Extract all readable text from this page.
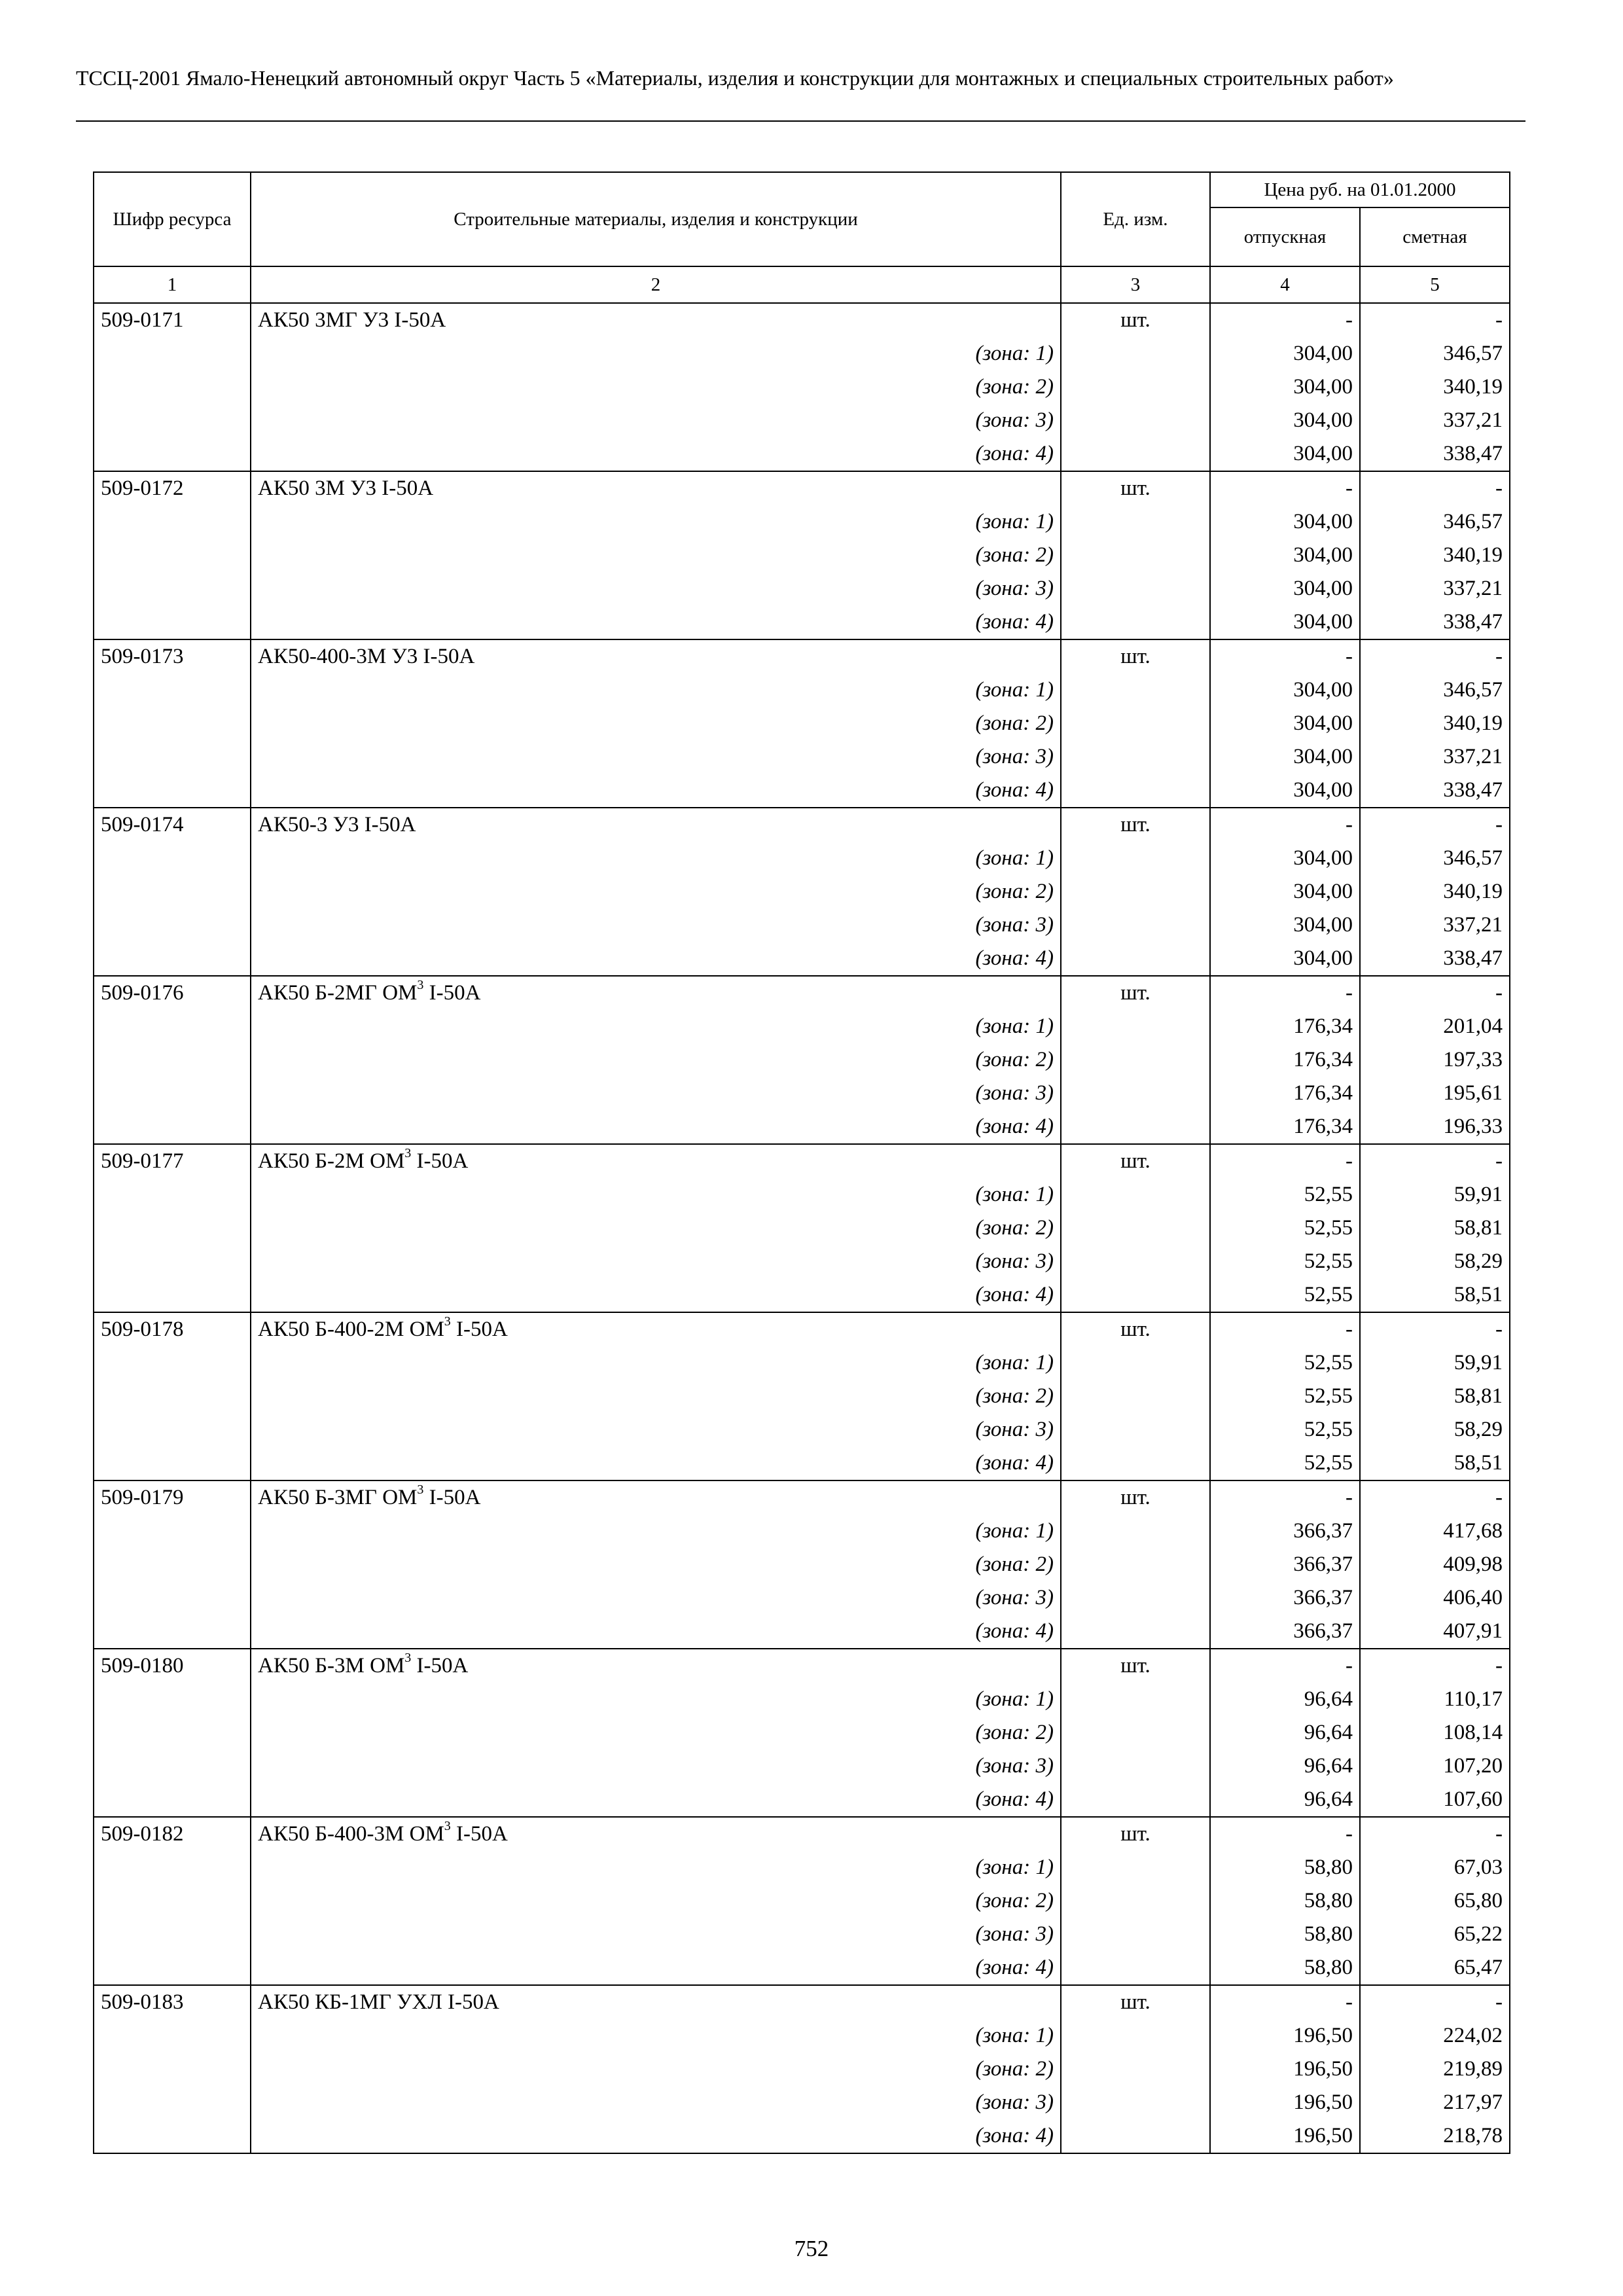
ТССЦ-2001 Ямало-Ненецкий автономный округ Часть 5 «Материалы, изделия и конструкции для монтажных и специальных строительных работ»
Шифр ресурса	Строительные материалы, изделия и конструкции	Ед. изм.	Цена руб. на 01.01.2000	
			отпускная	сметная
1	2	3	4	5
509-0171	АК50 3МГ У3 I-50А	шт.	-	-
	(зона: 1)		304,00	346,57
	(зона: 2)		304,00	340,19
	(зона: 3)		304,00	337,21
	(зона: 4)		304,00	338,47
509-0172	АК50 3М У3 I-50А	шт.	-	-
	(зона: 1)		304,00	346,57
	(зона: 2)		304,00	340,19
	(зона: 3)		304,00	337,21
	(зона: 4)		304,00	338,47
509-0173	АК50-400-3М У3 I-50А	шт.	-	-
	(зона: 1)		304,00	346,57
	(зона: 2)		304,00	340,19
	(зона: 3)		304,00	337,21
	(зона: 4)		304,00	338,47
509-0174	АК50-3 У3 I-50А	шт.	-	-
	(зона: 1)		304,00	346,57
	(зона: 2)		304,00	340,19
	(зона: 3)		304,00	337,21
	(зона: 4)		304,00	338,47
509-0176	АК50 Б-2МГ $ОМ^3$ I-50А	шт.	-	-
	(зона: 1)		176,34	201,04
	(зона: 2)		176,34	197,33
	(зона: 3)		176,34	195,61
	(зона: 4)		176,34	196,33
509-0177	АК50 Б-2М $ОМ^3$ I-50А	шт.	-	-
	(зона: 1)		52,55	59,91
	(зона: 2)		52,55	58,81
	(зона: 3)		52,55	58,29
	(зона: 4)		52,55	58,51
509-0178	АК50 Б-400-2М $ОМ^3$ I-50А	шт.	-	-
	(зона: 1)		52,55	59,91
	(зона: 2)		52,55	58,81
	(зона: 3)		52,55	58,29
	(зона: 4)		52,55	58,51
509-0179	АК50 Б-3МГ $ОМ^3$ I-50А	шт.	-	-
	(зона: 1)		366,37	417,68
	(зона: 2)		366,37	409,98
	(зона: 3)		366,37	406,40
	(зона: 4)		366,37	407,91
509-0180	АК50 Б-3М $ОМ^3$ I-50А	шт.	-	-
	(зона: 1)		96,64	110,17
	(зона: 2)		96,64	108,14
	(зона: 3)		96,64	107,20
	(зона: 4)		96,64	107,60
509-0182	АК50 Б-400-3М $ОМ^3$ I-50А	шт.	-	-
	(зона: 1)		58,80	67,03
	(зона: 2)		58,80	65,80
	(зона: 3)		58,80	65,22
	(зона: 4)		58,80	65,47
509-0183	АК50 КБ-1МГ УХЛ I-50А	шт.	-	-
	(зона: 1)		196,50	224,02
	(зона: 2)		196,50	219,89
	(зона: 3)		196,50	217,97
	(зона: 4)		196,50	218,78
752
